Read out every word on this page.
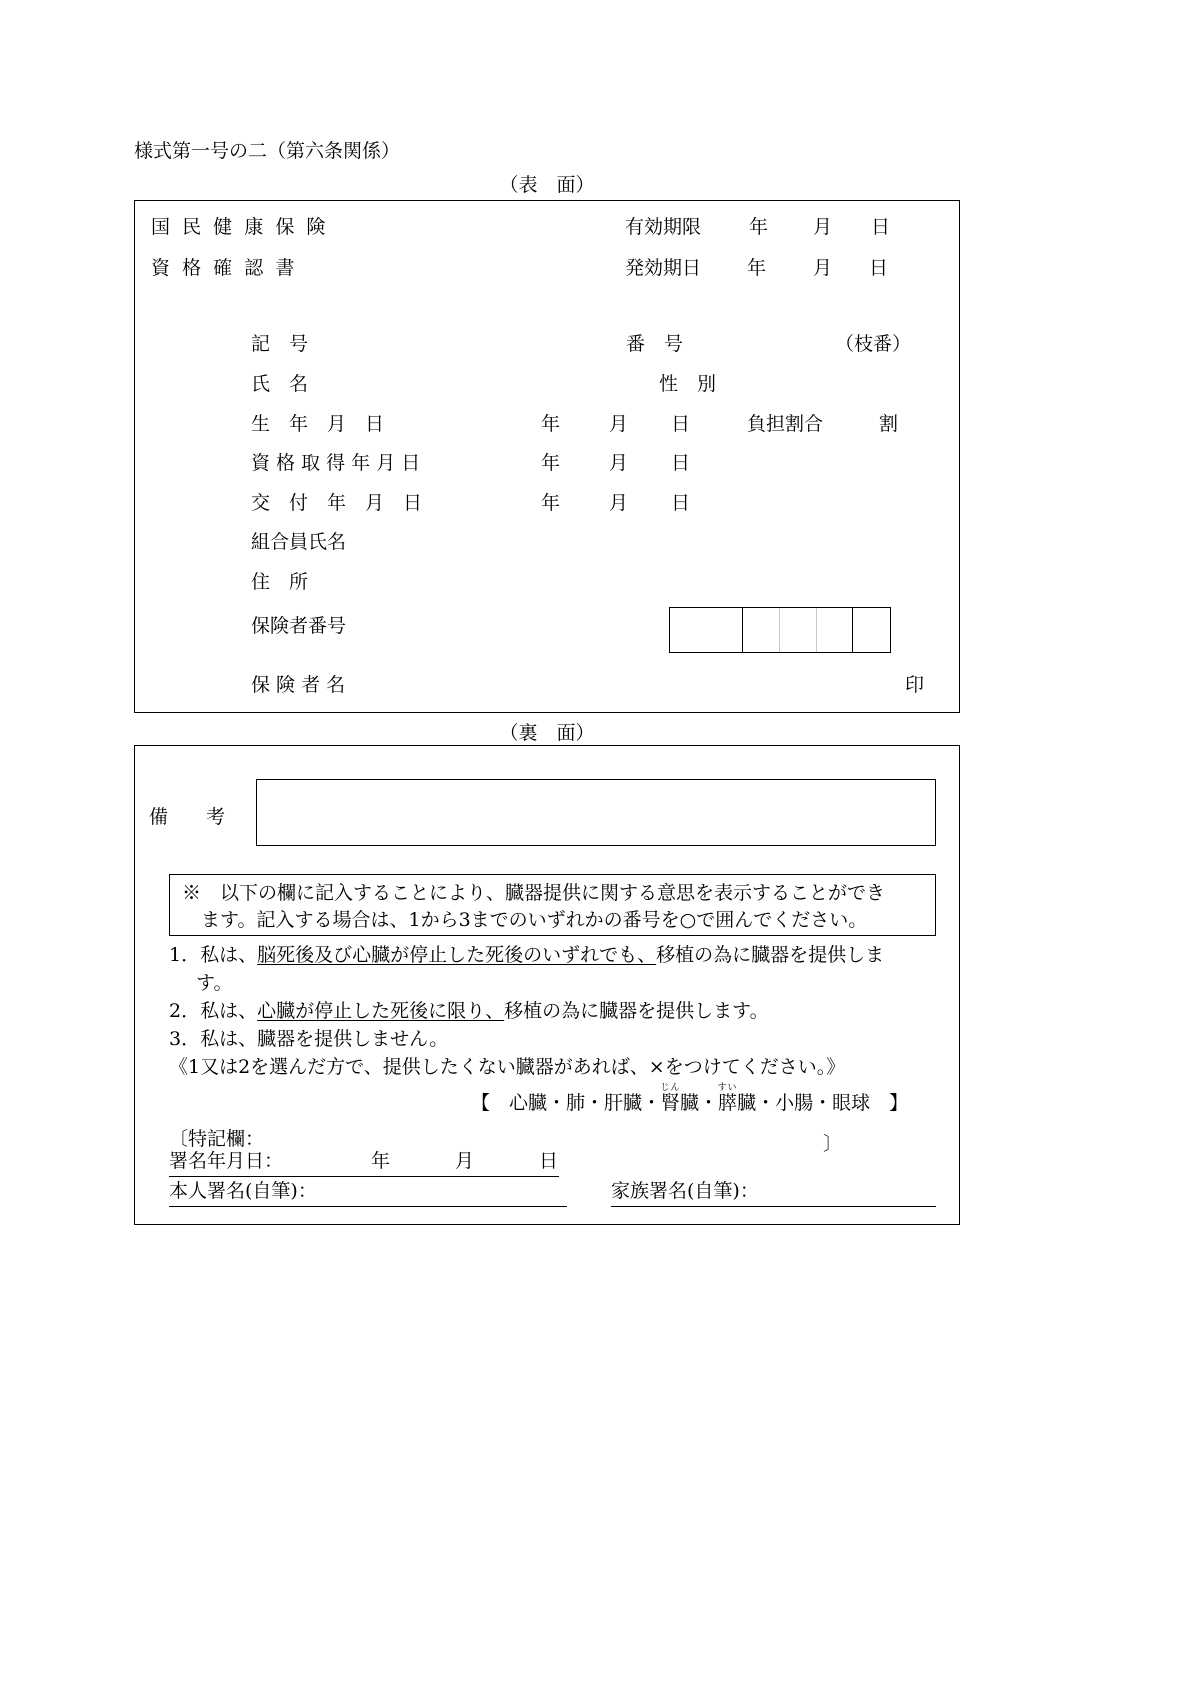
様式第一号の二（第六条関係）
（表　面）
国  民  健  康  保  険	有効期限	年 月 日
資  格  確  認  書	発効期日 年 月 日
記　号	番　号	（枝番）
氏　名	性　別
生　年　月　日	年	月 日	負担割合	割
資 格 取 得 年 月 日	年	月 日
交　付　年　月　日	年	月 日
組合員氏名
住　所
保険者番号
保 険 者 名	印
（裏　面）
備　　考
※　以下の欄に記入することにより、臓器提供に関する意思を表示することができ
ます。記入する場合は、1から3までのいずれかの番号を○で囲んでください。
1．私は、脳死後及び心臓が停止した死後のいずれでも、移植の為に臓器を提供しま
す。
2．私は、心臓が停止した死後に限り、移植の為に臓器を提供します。
3．私は、臓器を提供しません。
《1又は2を選んだ方で、提供したくない臓器があれば、×をつけてください。》
【　心臓・肺・肝臓・腎じん臓・膵すい臓・小腸・眼球　】
〔特記欄：	〕
署名年月日：	年	月	日
本人署名(自筆)：	家族署名(自筆)：
